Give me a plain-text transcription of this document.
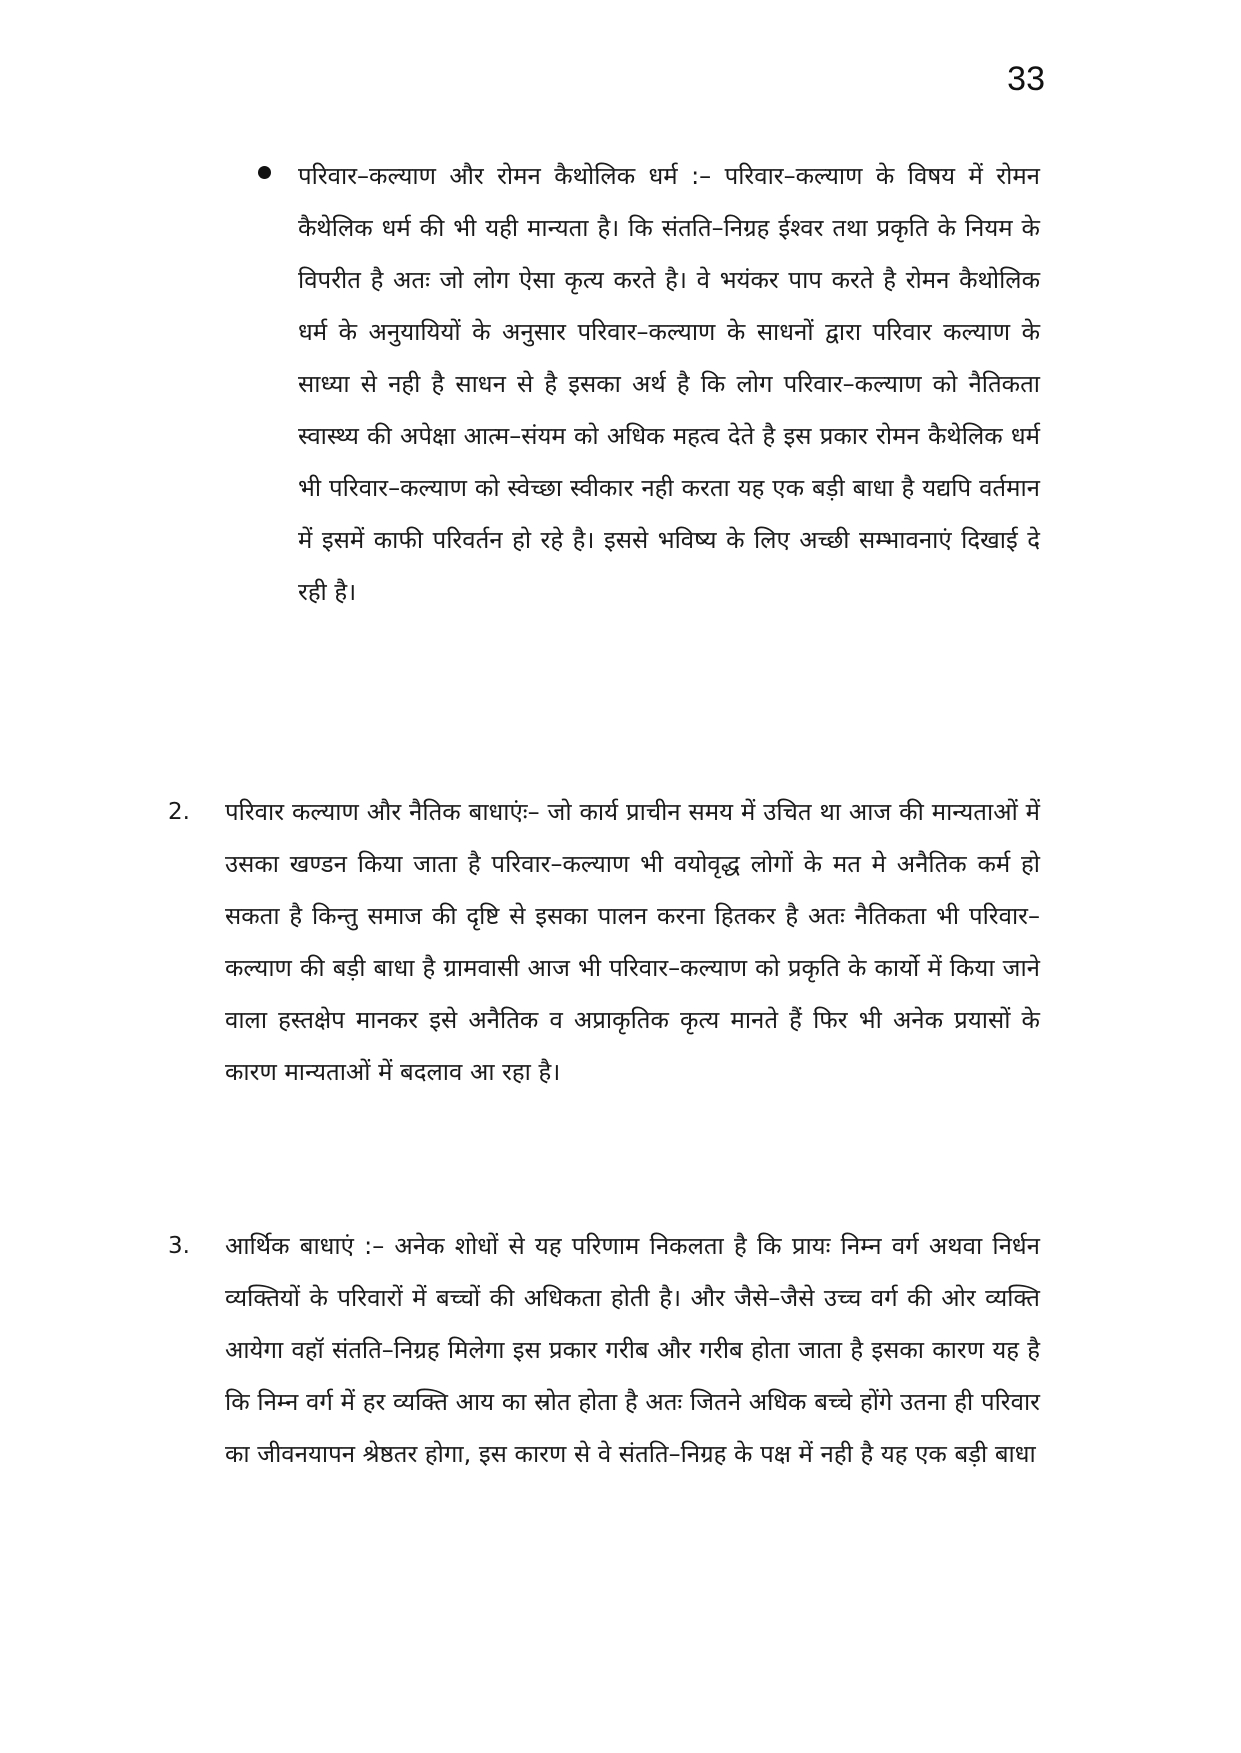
33

परिवार–कल्याण और रोमन कैथोलिक धर्म :– परिवार–कल्याण के विषय में रोमन कैथेलिक धर्म की भी यही मान्यता है। कि संतति–निग्रह ईश्वर तथा प्रकृति के नियम के विपरीत है अतः जो लोग ऐसा कृत्य करते है। वे भयंकर पाप करते है रोमन कैथोलिक धर्म के अनुयायियों के अनुसार परिवार–कल्याण के साधनों द्वारा परिवार कल्याण के साध्या से नही है साधन से है इसका अर्थ है कि लोग परिवार–कल्याण को नैतिकता स्वास्थ्य की अपेक्षा आत्म–संयम को अधिक महत्व देते है इस प्रकार रोमन कैथेलिक धर्म भी परिवार–कल्याण को स्वेच्छा स्वीकार नही करता यह एक बड़ी बाधा है यद्यपि वर्तमान में इसमें काफी परिवर्तन हो रहे है। इससे भविष्य के लिए अच्छी सम्भावनाएं दिखाई दे रही है।

2. परिवार कल्याण और नैतिक बाधाएंः– जो कार्य प्राचीन समय में उचित था आज की मान्यताओं में उसका खण्डन किया जाता है परिवार–कल्याण भी वयोवृद्ध लोगों के मत मे अनैतिक कर्म हो सकता है किन्तु समाज की दृष्टि से इसका पालन करना हितकर है अतः नैतिकता भी परिवार–कल्याण की बड़ी बाधा है ग्रामवासी आज भी परिवार–कल्याण को प्रकृति के कार्यो में किया जाने वाला हस्तक्षेप मानकर इसे अनैतिक व अप्राकृतिक कृत्य मानते हैं फिर भी अनेक प्रयासों के कारण मान्यताओं में बदलाव आ रहा है।

3. आर्थिक बाधाएं :– अनेक शोधों से यह परिणाम निकलता है कि प्रायः निम्न वर्ग अथवा निर्धन व्यक्तियों के परिवारों में बच्चों की अधिकता होती है। और जैसे–जैसे उच्च वर्ग की ओर व्यक्ति आयेगा वहॉ संतति–निग्रह मिलेगा इस प्रकार गरीब और गरीब होता जाता है इसका कारण यह है कि निम्न वर्ग में हर व्यक्ति आय का स्रोत होता है अतः जितने अधिक बच्चे होंगे उतना ही परिवार का जीवनयापन श्रेष्ठतर होगा, इस कारण से वे संतति–निग्रह के पक्ष में नही है यह एक बड़ी बाधा
